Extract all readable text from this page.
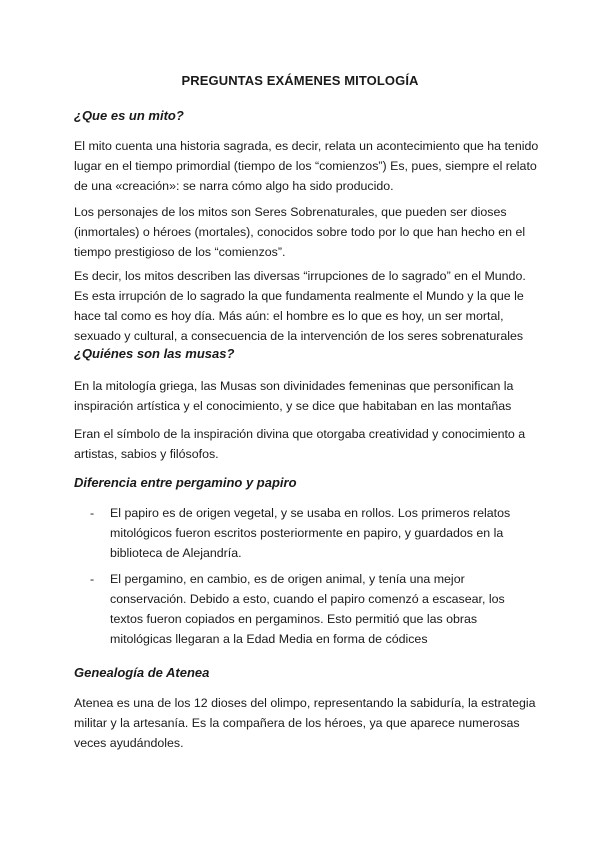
PREGUNTAS EXÁMENES MITOLOGÍA
¿Que es un mito?
El mito cuenta una historia sagrada, es decir, relata un acontecimiento que ha tenido
lugar en el tiempo primordial (tiempo de los “comienzos”) Es, pues, siempre el relato
de una «creación»: se narra cómo algo ha sido producido.
Los personajes de los mitos son Seres Sobrenaturales, que pueden ser dioses
(inmortales) o héroes (mortales), conocidos sobre todo por lo que han hecho en el
tiempo prestigioso de los “comienzos”.
Es decir, los mitos describen las diversas “irrupciones de lo sagrado” en el Mundo.
Es esta irrupción de lo sagrado la que fundamenta realmente el Mundo y la que le
hace tal como es hoy día. Más aún: el hombre es lo que es hoy, un ser mortal,
sexuado y cultural, a consecuencia de la intervención de los seres sobrenaturales
¿Quiénes son las musas?
En la mitología griega, las Musas son divinidades femeninas que personifican la
inspiración artística y el conocimiento, y se dice que habitaban en las montañas
Eran el símbolo de la inspiración divina que otorgaba creatividad y conocimiento a
artistas, sabios y filósofos.
Diferencia entre pergamino y papiro
- El papiro es de origen vegetal, y se usaba en rollos. Los primeros relatos
mitológicos fueron escritos posteriormente en papiro, y guardados en la
biblioteca de Alejandría.
- El pergamino, en cambio, es de origen animal, y tenía una mejor
conservación. Debido a esto, cuando el papiro comenzó a escasear, los
textos fueron copiados en pergaminos. Esto permitió que las obras
mitológicas llegaran a la Edad Media en forma de códices
Genealogía de Atenea
Atenea es una de los 12 dioses del olimpo, representando la sabiduría, la estrategia
militar y la artesanía. Es la compañera de los héroes, ya que aparece numerosas
veces ayudándoles.
